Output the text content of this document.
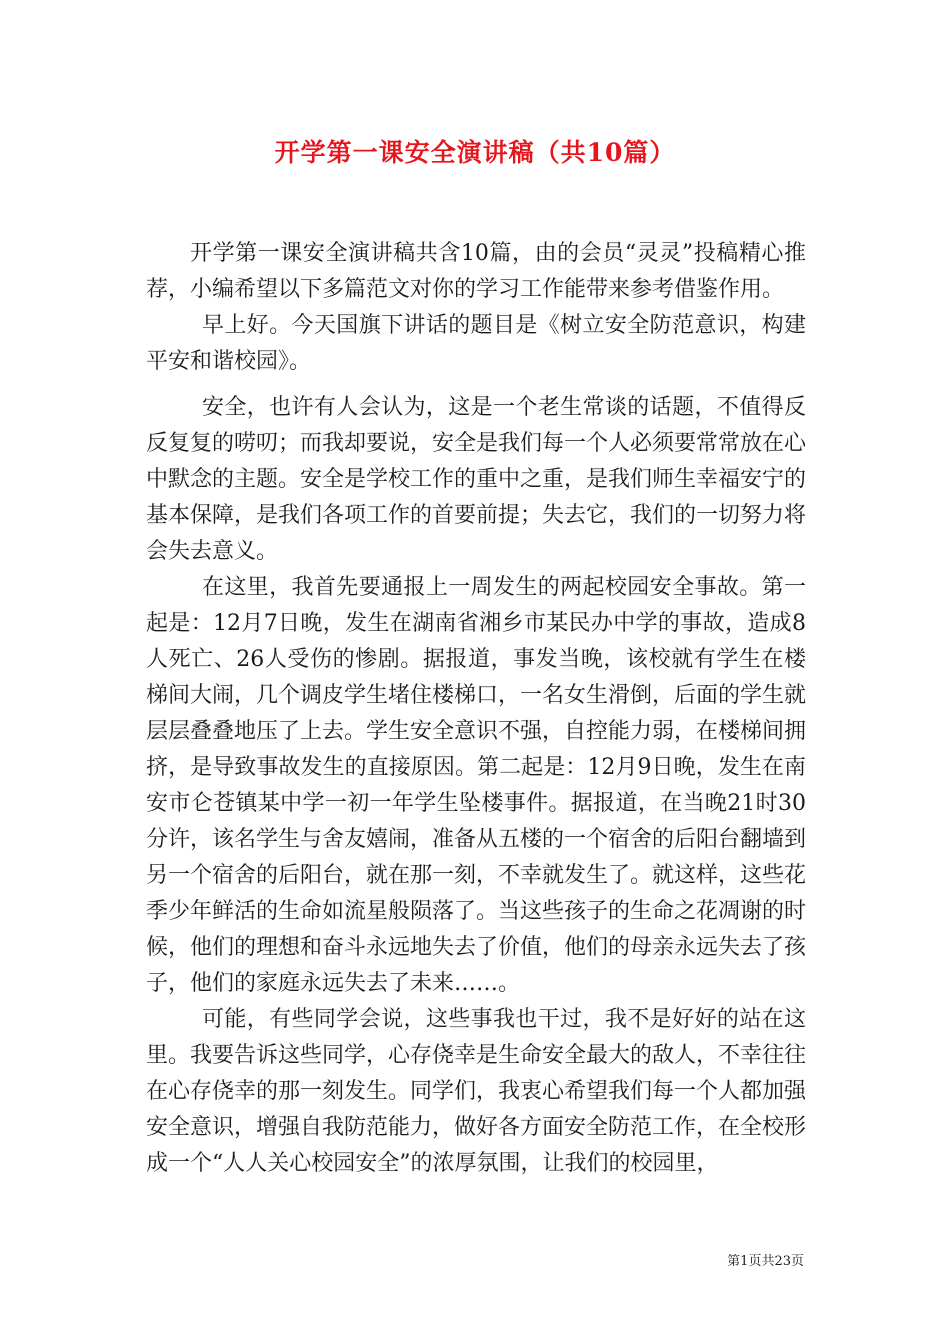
开学第一课安全演讲稿（共10篇）

开学第一课安全演讲稿共含10篇，由的会员“灵灵”投稿精心推荐，小编希望以下多篇范文对你的学习工作能带来参考借鉴作用。

早上好。今天国旗下讲话的题目是《树立安全防范意识，构建平安和谐校园》。

安全，也许有人会认为，这是一个老生常谈的话题，不值得反反复复的唠叨；而我却要说，安全是我们每一个人必须要常常放在心中默念的主题。安全是学校工作的重中之重，是我们师生幸福安宁的基本保障，是我们各项工作的首要前提；失去它，我们的一切努力将会失去意义。

在这里，我首先要通报上一周发生的两起校园安全事故。第一起是：12月7日晚，发生在湖南省湘乡市某民办中学的事故，造成8人死亡、26人受伤的惨剧。据报道，事发当晚，该校就有学生在楼梯间大闹，几个调皮学生堵住楼梯口，一名女生滑倒，后面的学生就层层叠叠地压了上去。学生安全意识不强，自控能力弱，在楼梯间拥挤，是导致事故发生的直接原因。第二起是：12月9日晚，发生在南安市仑苍镇某中学一初一年学生坠楼事件。据报道，在当晚21时30分许，该名学生与舍友嬉闹，准备从五楼的一个宿舍的后阳台翻墙到另一个宿舍的后阳台，就在那一刻，不幸就发生了。就这样，这些花季少年鲜活的生命如流星般陨落了。当这些孩子的生命之花凋谢的时候，他们的理想和奋斗永远地失去了价值，他们的母亲永远失去了孩子，他们的家庭永远失去了未来……。

可能，有些同学会说，这些事我也干过，我不是好好的站在这里。我要告诉这些同学，心存侥幸是生命安全最大的敌人，不幸往往在心存侥幸的那一刻发生。同学们，我衷心希望我们每一个人都加强安全意识，增强自我防范能力，做好各方面安全防范工作，在全校形成一个“人人关心校园安全”的浓厚氛围，让我们的校园里，

第1页共23页
